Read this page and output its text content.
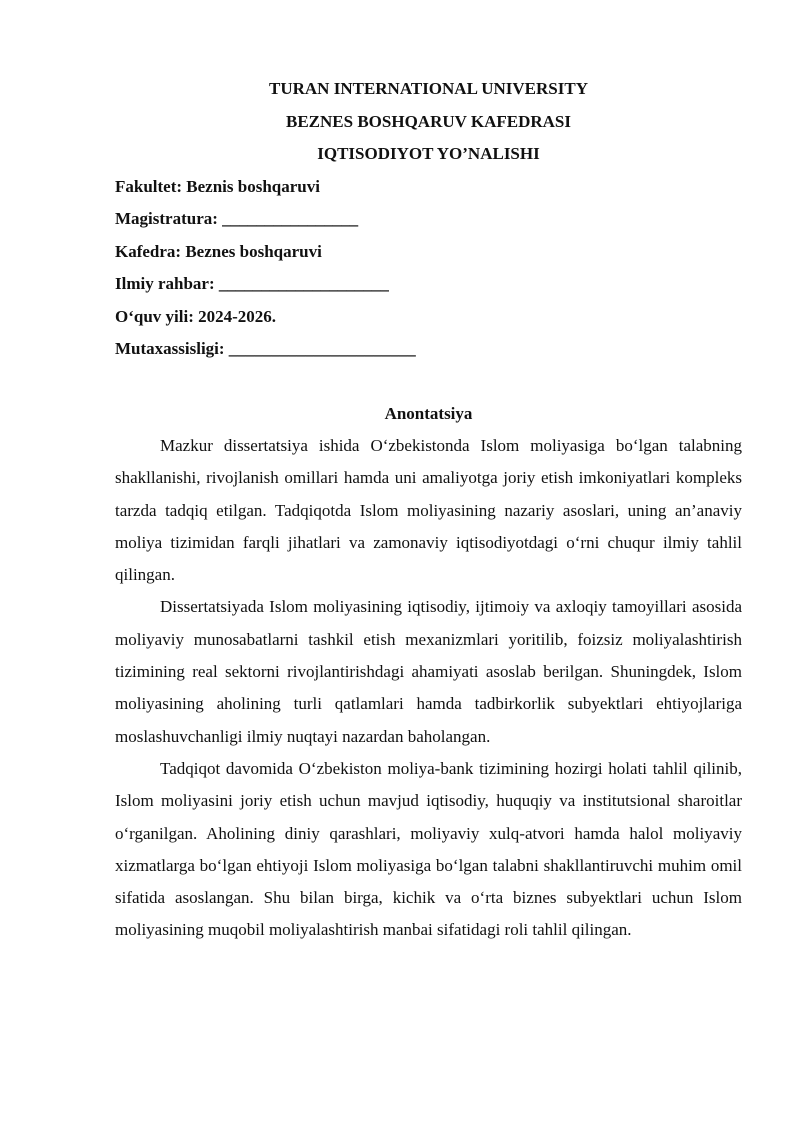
TURAN INTERNATIONAL UNIVERSITY

BEZNES BOSHQARUV KAFEDRASI

IQTISODIYOT YO’NALISHI

Fakultet: Beznis boshqaruvi

Magistratura: ________________

Kafedra: Beznes boshqaruvi

Ilmiy rahbar: ____________________

O‘quv yili: 2024-2026.

Mutaxassisligi: ______________________

Anontatsiya

Mazkur dissertatsiya ishida O‘zbekistonda Islom moliyasiga bo‘lgan talabning shakllanishi, rivojlanish omillari hamda uni amaliyotga joriy etish imkoniyatlari kompleks tarzda tadqiq etilgan. Tadqiqotda Islom moliyasining nazariy asoslari, uning an’anaviy moliya tizimidan farqli jihatlari va zamonaviy iqtisodiyotdagi o‘rni chuqur ilmiy tahlil qilingan.

Dissertatsiyada Islom moliyasining iqtisodiy, ijtimoiy va axloqiy tamoyillari asosida moliyaviy munosabatlarni tashkil etish mexanizmlari yoritilib, foizsiz moliyalashtirish tizimining real sektorni rivojlantirishdagi ahamiyati asoslab berilgan. Shuningdek, Islom moliyasining aholining turli qatlamlari hamda tadbirkorlik subyektlari ehtiyojlariga moslashuvchanligi ilmiy nuqtayi nazardan baholangan.

Tadqiqot davomida O‘zbekiston moliya-bank tizimining hozirgi holati tahlil qilinib, Islom moliyasini joriy etish uchun mavjud iqtisodiy, huquqiy va institutsional sharoitlar o‘rganilgan. Aholining diniy qarashlari, moliyaviy xulq-atvori hamda halol moliyaviy xizmatlarga bo‘lgan ehtiyoji Islom moliyasiga bo‘lgan talabni shakllantiruvchi muhim omil sifatida asoslangan. Shu bilan birga, kichik va o‘rta biznes subyektlari uchun Islom moliyasining muqobil moliyalashtirish manbai sifatidagi roli tahlil qilingan.
